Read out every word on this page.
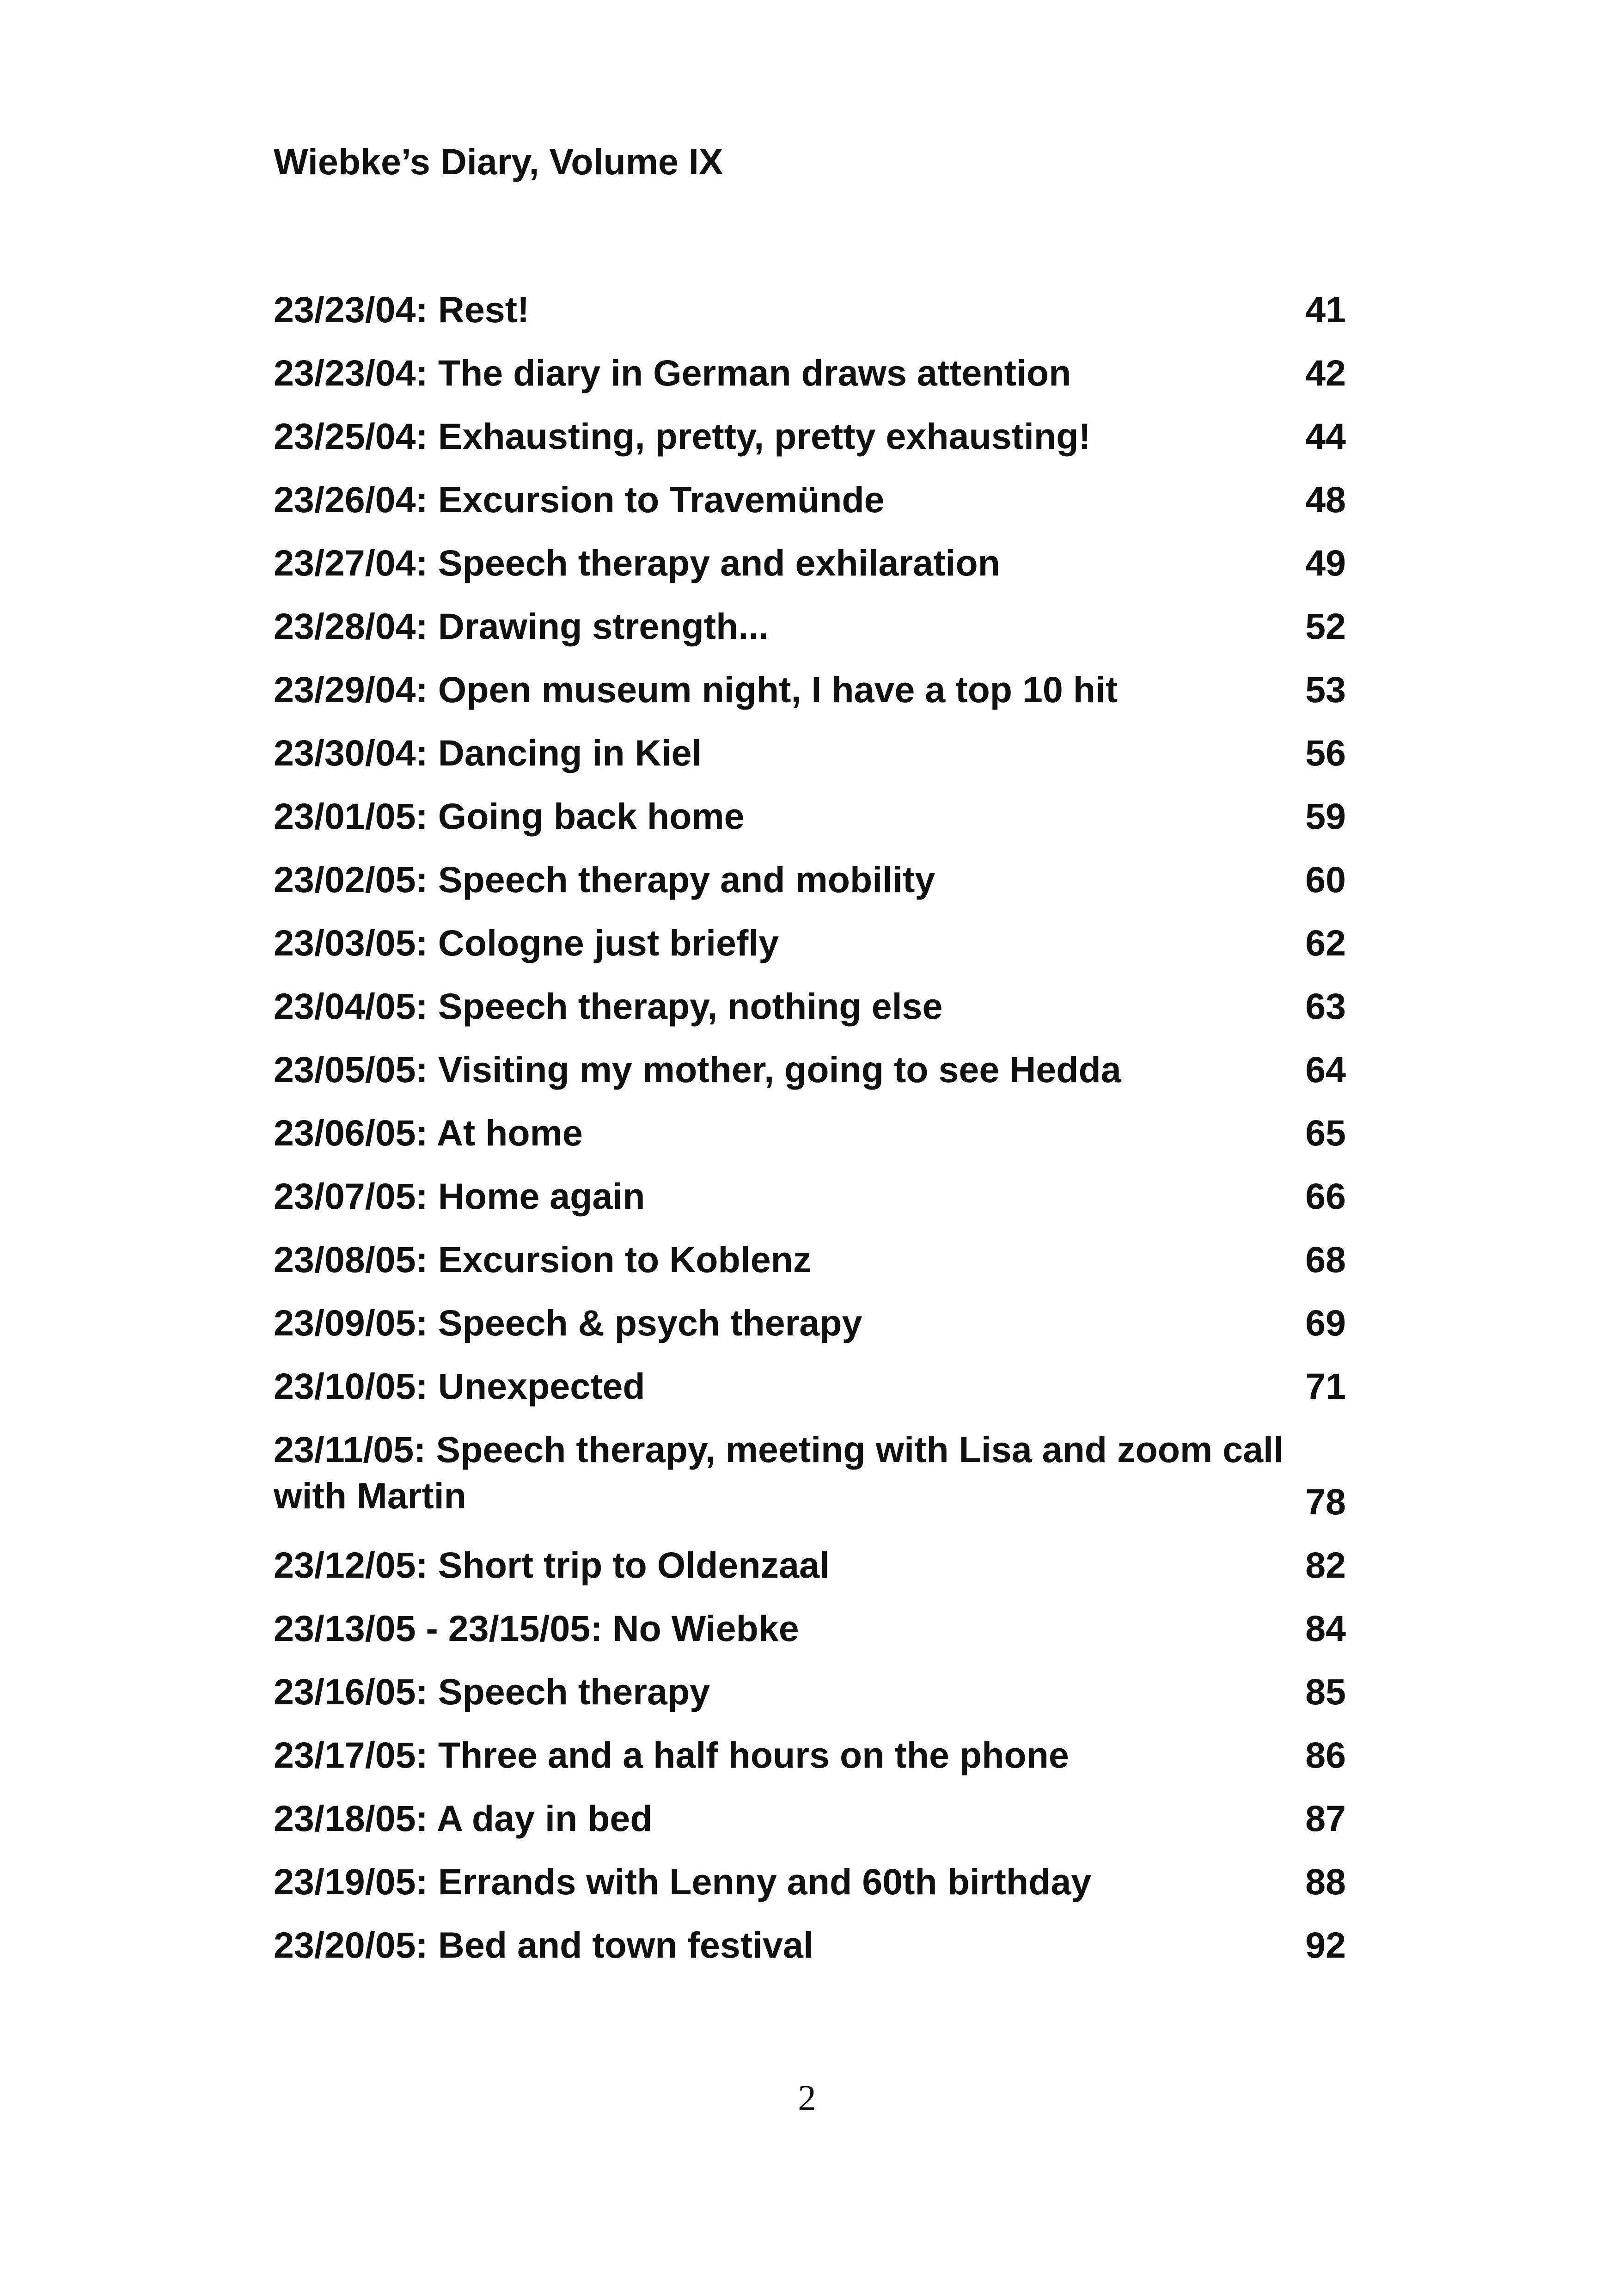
Wiebke’s Diary, Volume IX
23/23/04: Rest!	41
23/23/04: The diary in German draws attention	42
23/25/04: Exhausting, pretty, pretty exhausting!	44
23/26/04: Excursion to Travemünde	48
23/27/04: Speech therapy and exhilaration	49
23/28/04: Drawing strength...	52
23/29/04: Open museum night, I have a top 10 hit	53
23/30/04: Dancing in Kiel	56
23/01/05: Going back home	59
23/02/05: Speech therapy and mobility	60
23/03/05: Cologne just briefly	62
23/04/05: Speech therapy, nothing else	63
23/05/05: Visiting my mother, going to see Hedda	64
23/06/05: At home	65
23/07/05: Home again	66
23/08/05: Excursion to Koblenz	68
23/09/05: Speech & psych therapy	69
23/10/05: Unexpected	71
23/11/05: Speech therapy, meeting with Lisa and zoom call
with Martin	78
23/12/05: Short trip to Oldenzaal	82
23/13/05 - 23/15/05: No Wiebke	84
23/16/05: Speech therapy	85
23/17/05: Three and a half hours on the phone	86
23/18/05: A day in bed	87
23/19/05: Errands with Lenny and 60th birthday	88
23/20/05: Bed and town festival	92
2
